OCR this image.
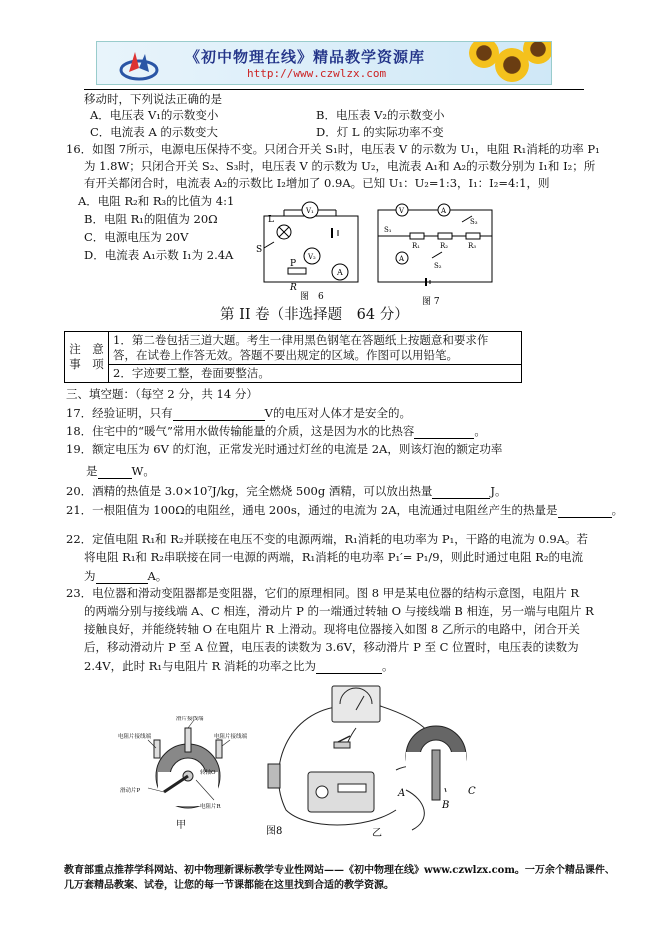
《初中物理在线》精品教学资源库
http://www.czwlzx.com
移动时，下列说法正确的是
A．电压表 V₁的示数变小	B．电压表 V₂的示数变小
C．电流表 A 的示数变大	D．灯 L 的实际功率不变
16．如图 7所示，电源电压保持不变。只闭合开关 S₁时，电压表 V 的示数为 U₁，电阻 R₁消耗的功率 P₁
为 1.8W；只闭合开关 S₂、S₃时，电压表 V 的示数为 U₂，电流表 A₁和 A₂的示数分别为 I₁和 I₂；所
有开关都闭合时，电流表 A₂的示数比 I₂增加了 0.9A。已知 U₁：U₂=1:3，I₁：I₂=4:1，则
A．电阻 R₂和 R₃的比值为 4:1
B．电阻 R₁的阻值为 20Ω
C．电源电压为 20V
D．电流表 A₁示数 I₁为 2.4A
L
V₁
V₂
A
S
P
R
图　6
V	A
S₃
S₁
R₁	R₂	R₃
A
S₂
图 7
第 II 卷（非选择题　64 分）
注　意
事　项

1．第二卷包括三道大题。考生一律用黑色钢笔在答题纸上按题意和要求作
答，在试卷上作答无效。答题不要出规定的区域。作图可以用铅笔。

2．字迹要工整，卷面要整洁。
三、填空题：（每空 2 分，共 14 分）
17．经验证明，只有	V的电压对人体才是安全的。
18．住宅中的“暖气”常用水做传输能量的介质，这是因为水的比热容	。
19．额定电压为 6V 的灯泡，正常发光时通过灯丝的电流是 2A，则该灯泡的额定功率
是	W。
20．酒精的热值是 3.0×10⁷J/kg，完全燃烧 500g 酒精，可以放出热量	J。
21．一根阻值为 100Ω的电阻丝，通电 200s，通过的电流为 2A，电流通过电阻丝产生的热量是	。
22．定值电阻 R₁和 R₂并联接在电压不变的电源两端，R₁消耗的电功率为 P₁，干路的电流为 0.9A。若
将电阻 R₁和 R₂串联接在同一电源的两端，R₁消耗的电功率 P₁′= P₁/9，则此时通过电阻 R₂的电流
为	A。
23．电位器和滑动变阻器都是变阻器，它们的原理相同。图 8 甲是某电位器的结构示意图，电阻片 R
的两端分别与接线端 A、C 相连，滑动片 P 的一端通过转轴 O 与接线端 B 相连，另一端与电阻片 R
接触良好，并能绕转轴 O 在电阻片 R 上滑动。现将电位器接入如图 8 乙所示的电路中，闭合开关
后，移动滑动片 P 至 A 位置，电压表的读数为 3.6V，移动滑片 P 至 C 位置时，电压表的读数为
2.4V，此时 R₁与电阻片 R 消耗的功率之比为	。
电阻片接线端
滑片接线端
电阻片接线端
滑动片P
转轴O
电阻片R
甲
A
B
C
图8	乙
教育部重点推荐学科网站、初中物理新课标教学专业性网站——《初中物理在线》www.czwlzx.com。一万余个精品课件、
几万套精品教案、试卷，让您的每一节课都能在这里找到合适的教学资源。
